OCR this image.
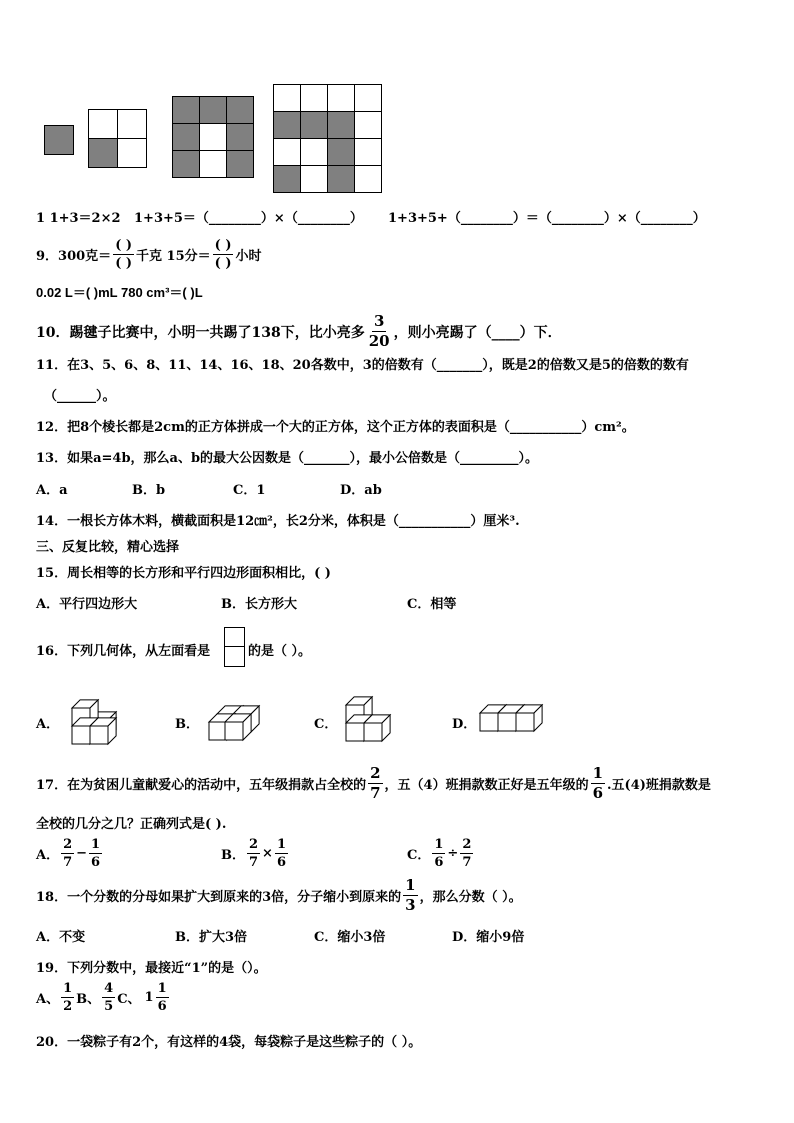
1 1+3＝2×2 1+3+5＝（________）×（________） 1+3+5+（________）＝（________）×（________）
9．300克＝ $\frac{( )}{( )}$ 千克 15分＝ $\frac{( )}{( )}$ 小时
0.02 L＝( )mL 780 cm³＝( )L
10．踢毽子比赛中，小明一共踢了138下，比小亮多 $\frac{3}{20}$ ，则小亮踢了（____）下．
11．在3、5、6、8、11、14、16、18、20各数中，3的倍数有（_______），既是2的倍数又是5的倍数的数有
（______）。
12．把8个棱长都是2cm的正方体拼成一个大的正方体，这个正方体的表面积是（___________）cm²。
13．如果a=4b，那么a、b的最大公因数是（_______），最小公倍数是（_________）。
A．a	B．b	C．1	D．ab
14．一根长方体木料，横截面积是12㎝²，长2分米，体积是（___________）厘米³.
三、反复比较，精心选择
15．周长相等的长方形和平行四边形面积相比，( )
A．平行四边形大	B．长方形大	C．相等
16．下列几何体，从左面看是	的是（ ）。
A．	B．	C．	D．
17．在为贫困儿童献爱心的活动中，五年级捐款占全校的 $\frac{2}{7}$ ，五（4）班捐款数正好是五年级的 $\frac{1}{6}$ .五(4)班捐款数是
全校的几分之几？正确列式是( ).
A． $\frac{2}{7} - \frac{1}{6}$	B． $\frac{2}{7} \times \frac{1}{6}$	C． $\frac{1}{6} \div \frac{2}{7}$
18．一个分数的分母如果扩大到原来的3倍，分子缩小到原来的 $\frac{1}{3}$ ，那么分数（ ）。
A．不变	B．扩大3倍	C．缩小3倍	D．缩小9倍
19．下列分数中，最接近“1”的是（）。
A、 $\frac{1}{2}$ B、 $\frac{4}{5}$ C、 $1 \frac{1}{6}$
20．一袋粽子有2个，有这样的4袋，每袋粽子是这些粽子的（ ）。
